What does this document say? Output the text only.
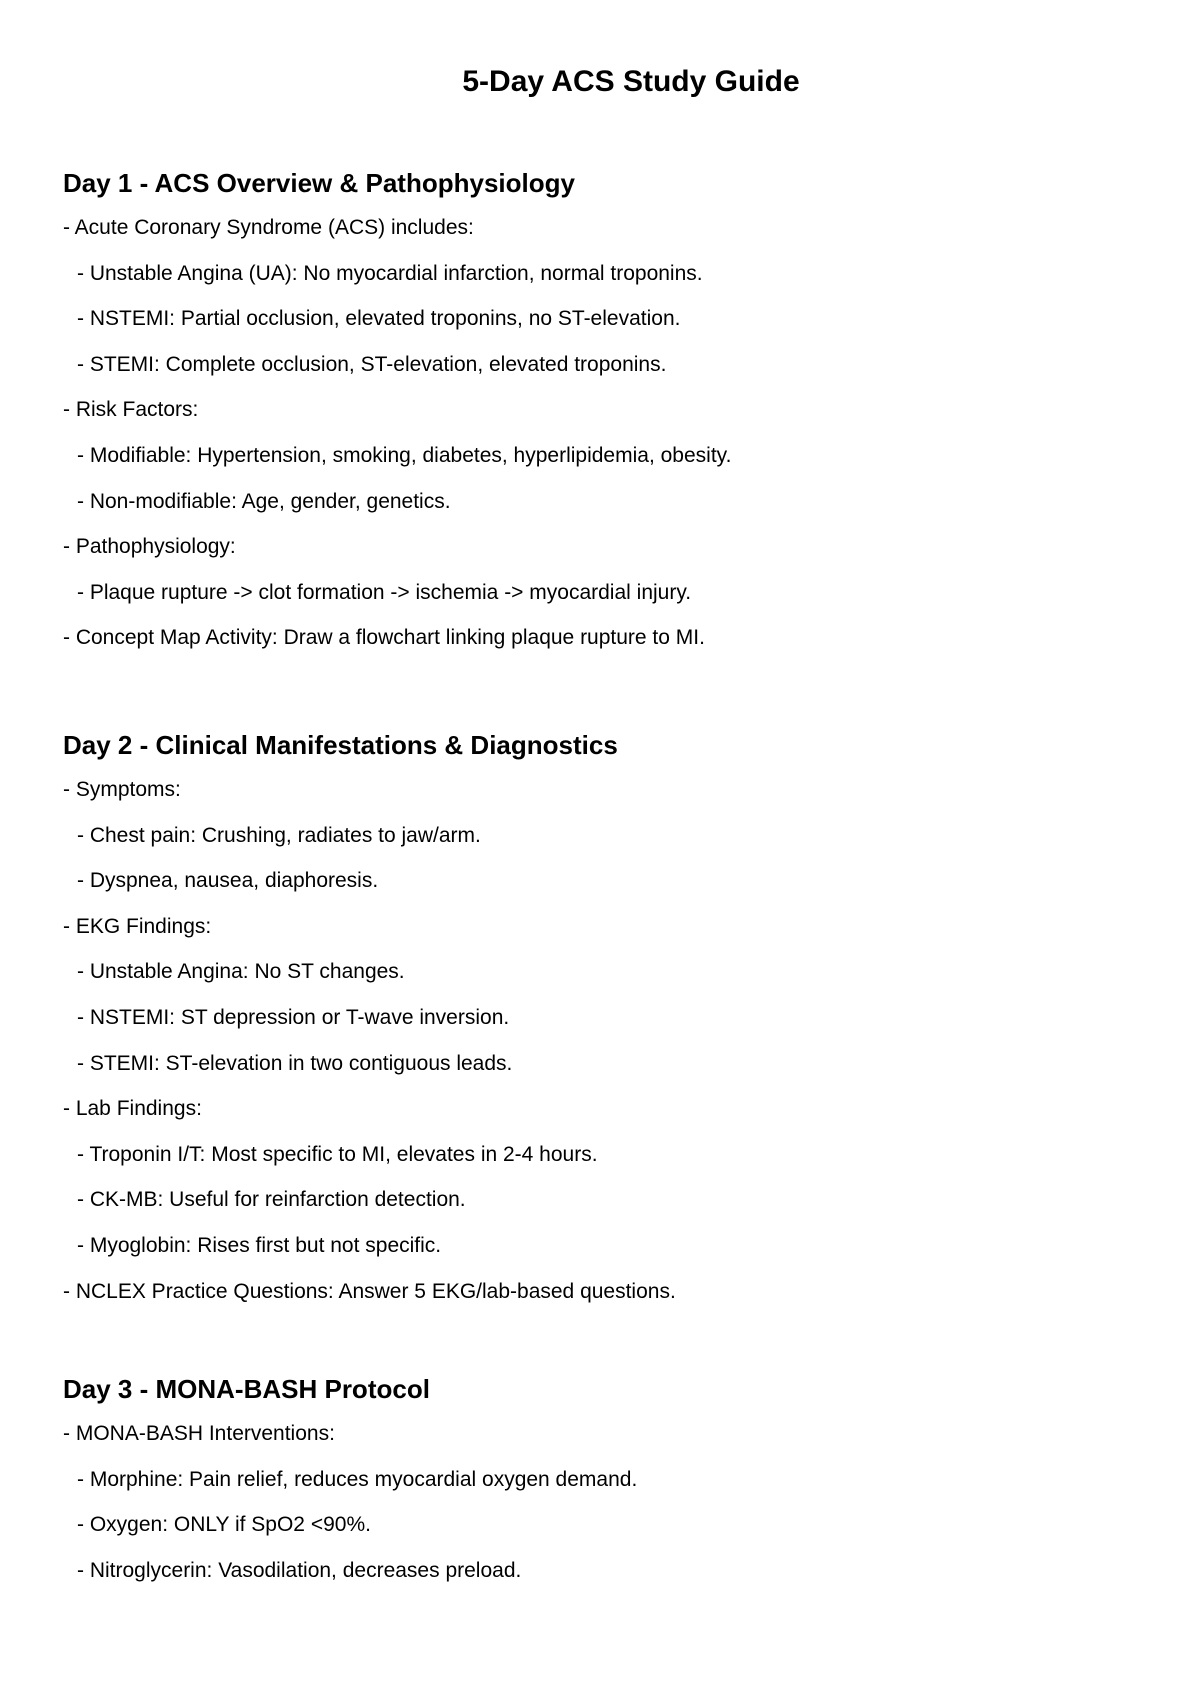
5-Day ACS Study Guide
Day 1 - ACS Overview & Pathophysiology
- Acute Coronary Syndrome (ACS) includes:
- Unstable Angina (UA): No myocardial infarction, normal troponins.
- NSTEMI: Partial occlusion, elevated troponins, no ST-elevation.
- STEMI: Complete occlusion, ST-elevation, elevated troponins.
- Risk Factors:
- Modifiable: Hypertension, smoking, diabetes, hyperlipidemia, obesity.
- Non-modifiable: Age, gender, genetics.
- Pathophysiology:
- Plaque rupture -> clot formation -> ischemia -> myocardial injury.
- Concept Map Activity: Draw a flowchart linking plaque rupture to MI.
Day 2 - Clinical Manifestations & Diagnostics
- Symptoms:
- Chest pain: Crushing, radiates to jaw/arm.
- Dyspnea, nausea, diaphoresis.
- EKG Findings:
- Unstable Angina: No ST changes.
- NSTEMI: ST depression or T-wave inversion.
- STEMI: ST-elevation in two contiguous leads.
- Lab Findings:
- Troponin I/T: Most specific to MI, elevates in 2-4 hours.
- CK-MB: Useful for reinfarction detection.
- Myoglobin: Rises first but not specific.
- NCLEX Practice Questions: Answer 5 EKG/lab-based questions.
Day 3 - MONA-BASH Protocol
- MONA-BASH Interventions:
- Morphine: Pain relief, reduces myocardial oxygen demand.
- Oxygen: ONLY if SpO2 <90%.
- Nitroglycerin: Vasodilation, decreases preload.
